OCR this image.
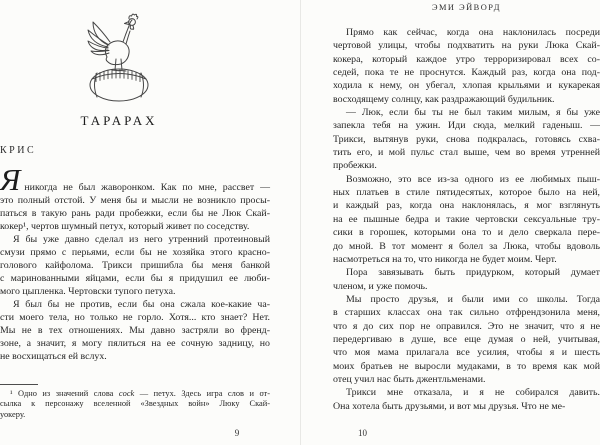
ТАРАРАХ
КРИС
Яникогда не был жаворонком. Как по мне, рассвет —
это полный отстой. У меня бы и мысли не возникло просы-
паться в такую рань ради пробежки, если бы не Люк Скай-
кокер¹, чертов шумный петух, который живет по соседству.
Я бы уже давно сделал из него утренний протеиновый
смузи прямо с перьями, если бы не хозяйка этого красно-
голового кайфолома. Трикси пришибла бы меня банкой
с маринованными яйцами, если бы я придушил ее люби-
мого цыпленка. Чертовски тупого петуха.
Я был бы не против, если бы она сжала кое-какие ча-
сти моего тела, но только не горло. Хотя... кто знает? Нет.
Мы не в тех отношениях. Мы давно застряли во френд-
зоне, а значит, я могу пялиться на ее сочную задницу, но
не восхищаться ей вслух.
¹ Одно из значений слова cock — петух. Здесь игра слов и от-
сылка к персонажу вселенной «Звездных войн» Люку Скай-
уокеру.
9
ЭМИ ЭЙВОРД
Прямо как сейчас, когда она наклонилась посреди
чертовой улицы, чтобы подхватить на руки Люка Скай-
кокера, который каждое утро терроризировал всех со-
седей, пока те не проснутся. Каждый раз, когда она под-
ходила к нему, он убегал, хлопая крыльями и кукарекая
восходящему солнцу, как раздражающий будильник.
— Люк, если бы ты не был таким милым, я бы уже
запекла тебя на ужин. Иди сюда, мелкий гаденыш. —
Трикси, вытянув руки, снова подкралась, готовясь схва-
тить его, и мой пульс стал выше, чем во время утренней
пробежки.
Возможно, это все из-за одного из ее любимых пыш-
ных платьев в стиле пятидесятых, которое было на ней,
и каждый раз, когда она наклонялась, я мог взглянуть
на ее пышные бедра и такие чертовски сексуальные тру-
сики в горошек, которыми она то и дело сверкала пере-
до мной. В тот момент я болел за Люка, чтобы вдоволь
насмотреться на то, что никогда не будет моим. Черт.
Пора завязывать быть придурком, который думает
членом, и уже помочь.
Мы просто друзья, и были ими со школы. Тогда
в старших классах она так сильно отфрендзонила меня,
что я до сих пор не оправился. Это не значит, что я не
передергиваю в душе, все еще думая о ней, учитывая,
что моя мама прилагала все усилия, чтобы я и шесть
моих братьев не выросли мудаками, в то время как мой
отец учил нас быть джентльменами.
Трикси мне отказала, и я не собирался давить.
Она хотела быть друзьями, и вот мы друзья. Что не ме-
10
